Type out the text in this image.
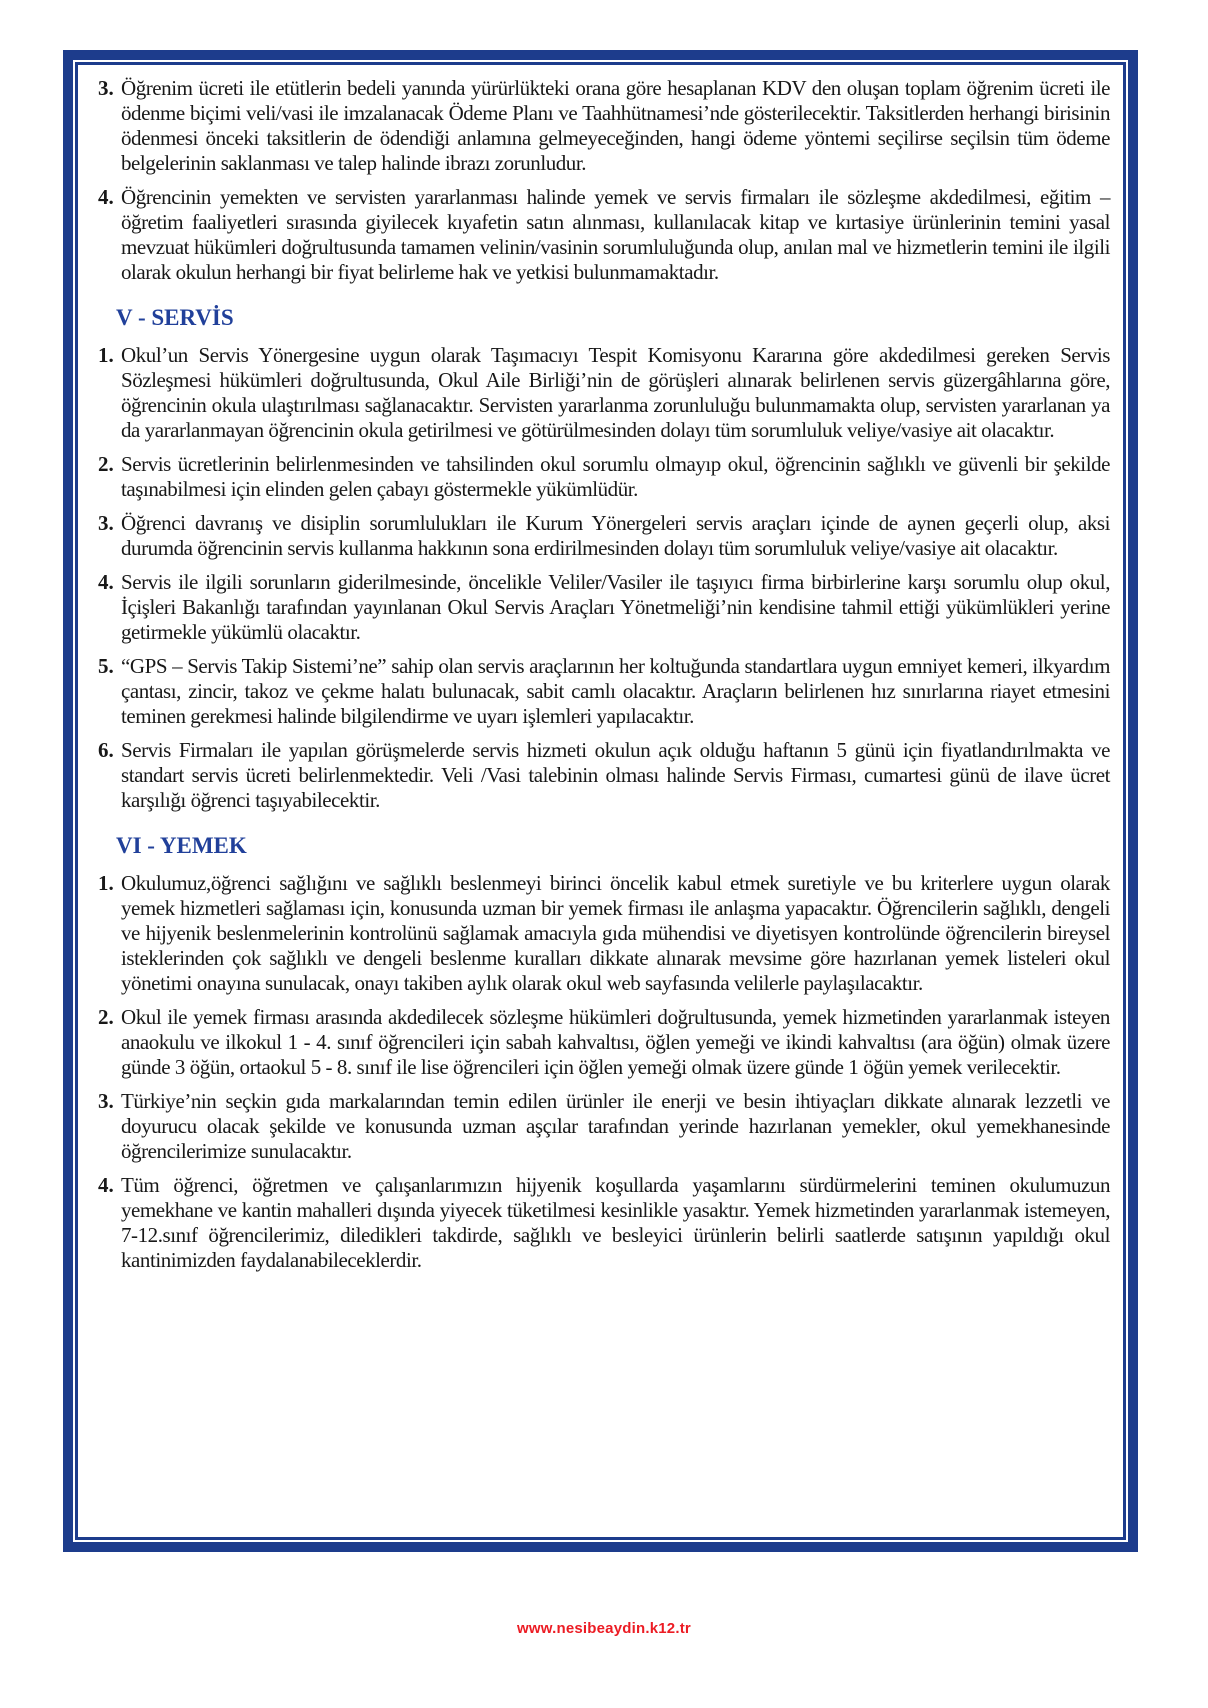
3. Öğrenim ücreti ile etütlerin bedeli yanında yürürlükteki orana göre hesaplanan KDV den oluşan toplam öğrenim ücreti ile ödenme biçimi veli/vasi ile imzalanacak Ödeme Planı ve Taahhütnamesi’nde gösterilecektir. Taksitlerden herhangi birisinin ödenmesi önceki taksitlerin de ödendiği anlamına gelmeyeceğinden, hangi ödeme yöntemi seçilirse seçilsin tüm ödeme belgelerinin saklanması ve talep halinde ibrazı zorunludur.
4. Öğrencinin yemekten ve servisten yararlanması halinde yemek ve servis firmaları ile sözleşme akdedilmesi, eğitim – öğretim faaliyetleri sırasında giyilecek kıyafetin satın alınması, kullanılacak kitap ve kırtasiye ürünlerinin temini yasal mevzuat hükümleri doğrultusunda tamamen velinin/vasinin sorumluluğunda olup, anılan mal ve hizmetlerin temini ile ilgili olarak okulun herhangi bir fiyat belirleme hak ve yetkisi bulunmamaktadır.
V - SERVİS
1. Okul’un Servis Yönergesine uygun olarak Taşımacıyı Tespit Komisyonu Kararına göre akdedilmesi gereken Servis Sözleşmesi hükümleri doğrultusunda, Okul Aile Birliği’nin de görüşleri alınarak belirlenen servis güzergâhlarına göre, öğrencinin okula ulaştırılması sağlanacaktır. Servisten yararlanma zorunluluğu bulunmamakta olup, servisten yararlanan ya da yararlanmayan öğrencinin okula getirilmesi ve götürülmesinden dolayı tüm sorumluluk veliye/vasiye ait olacaktır.
2. Servis ücretlerinin belirlenmesinden ve tahsilinden okul sorumlu olmayıp okul, öğrencinin sağlıklı ve güvenli bir şekilde taşınabilmesi için elinden gelen çabayı göstermekle yükümlüdür.
3. Öğrenci davranış ve disiplin sorumlulukları ile Kurum Yönergeleri servis araçları içinde de aynen geçerli olup, aksi durumda öğrencinin servis kullanma hakkının sona erdirilmesinden dolayı tüm sorumluluk veliye/vasiye ait olacaktır.
4. Servis ile ilgili sorunların giderilmesinde, öncelikle Veliler/Vasiler ile taşıyıcı firma birbirlerine karşı sorumlu olup okul, İçişleri Bakanlığı tarafından yayınlanan Okul Servis Araçları Yönetmeliği’nin kendisine tahmil ettiği yükümlükleri yerine getirmekle yükümlü olacaktır.
5. “GPS – Servis Takip Sistemi’ne” sahip olan servis araçlarının her koltuğunda standartlara uygun emniyet kemeri, ilkyardım çantası, zincir, takoz ve çekme halatı bulunacak, sabit camlı olacaktır. Araçların belirlenen hız sınırlarına riayet etmesini teminen gerekmesi halinde bilgilendirme ve uyarı işlemleri yapılacaktır.
6. Servis Firmaları ile yapılan görüşmelerde servis hizmeti okulun açık olduğu haftanın 5 günü için fiyatlandırılmakta ve standart servis ücreti belirlenmektedir. Veli /Vasi talebinin olması halinde Servis Firması, cumartesi günü de ilave ücret karşılığı öğrenci taşıyabilecektir.
VI - YEMEK
1. Okulumuz,öğrenci sağlığını ve sağlıklı beslenmeyi birinci öncelik kabul etmek suretiyle ve bu kriterlere uygun olarak yemek hizmetleri sağlaması için, konusunda uzman bir yemek firması ile anlaşma yapacaktır. Öğrencilerin sağlıklı, dengeli ve hijyenik beslenmelerinin kontrolünü sağlamak amacıyla gıda mühendisi ve diyetisyen kontrolünde öğrencilerin bireysel isteklerinden çok sağlıklı ve dengeli beslenme kuralları dikkate alınarak mevsime göre hazırlanan yemek listeleri okul yönetimi onayına sunulacak, onayı takiben aylık olarak okul web sayfasında velilerle paylaşılacaktır.
2. Okul ile yemek firması arasında akdedilecek sözleşme hükümleri doğrultusunda, yemek hizmetinden yararlanmak isteyen anaokulu ve ilkokul 1 - 4. sınıf öğrencileri için sabah kahvaltısı, öğlen yemeği ve ikindi kahvaltısı (ara öğün) olmak üzere günde 3 öğün, ortaokul 5 - 8. sınıf ile lise öğrencileri için öğlen yemeği olmak üzere günde 1 öğün yemek verilecektir.
3. Türkiye’nin seçkin gıda markalarından temin edilen ürünler ile enerji ve besin ihtiyaçları dikkate alınarak lezzetli ve doyurucu olacak şekilde ve konusunda uzman aşçılar tarafından yerinde hazırlanan yemekler, okul yemekhanesinde öğrencilerimize sunulacaktır.
4. Tüm öğrenci, öğretmen ve çalışanlarımızın hijyenik koşullarda yaşamlarını sürdürmelerini teminen okulumuzun yemekhane ve kantin mahalleri dışında yiyecek tüketilmesi kesinlikle yasaktır. Yemek hizmetinden yararlanmak istemeyen, 7-12.sınıf öğrencilerimiz, diledikleri takdirde, sağlıklı ve besleyici ürünlerin belirli saatlerde satışının yapıldığı okul kantinimizden faydalanabileceklerdir.
www.nesibeaydin.k12.tr
